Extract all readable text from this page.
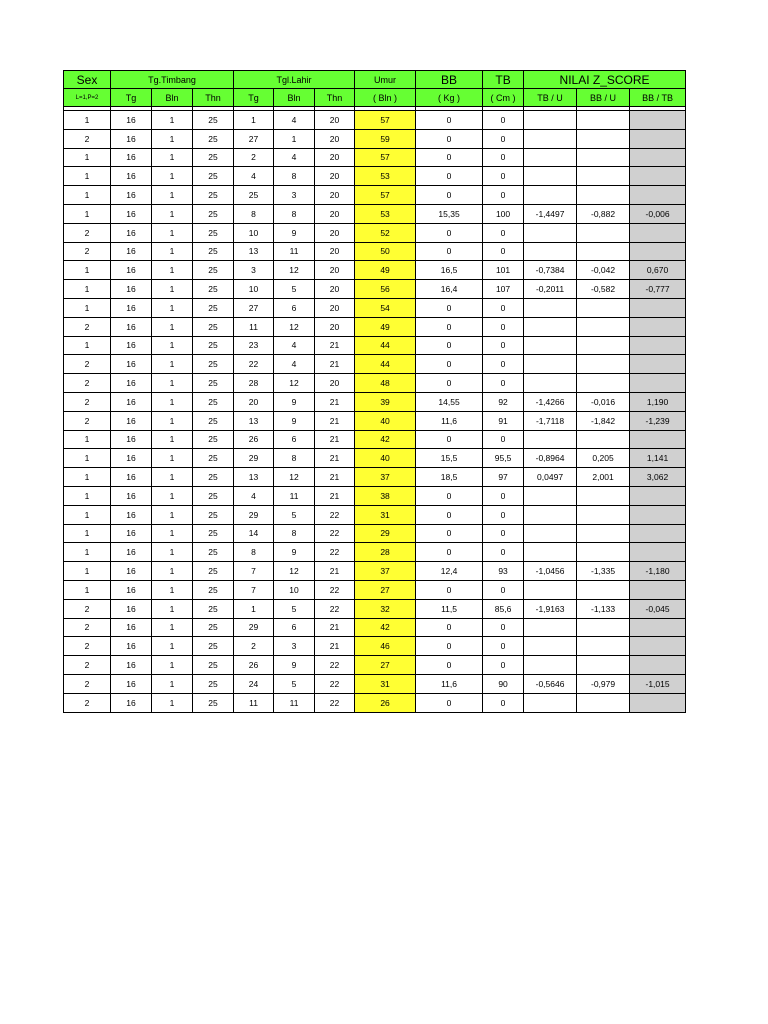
Sex	Tg.Timbang			Tgl.Lahir			Umur	BB	TB	NILAI Z_SCORE		
L=1,P=2	Tg	Bln	Thn	Tg	Bln	Thn	( Bln )	( Kg )	( Cm )	TB / U	BB / U	BB / TB

1	16	1	25	1	4	20	57	0	0			
2	16	1	25	27	1	20	59	0	0			
1	16	1	25	2	4	20	57	0	0			
1	16	1	25	4	8	20	53	0	0			
1	16	1	25	25	3	20	57	0	0			
1	16	1	25	8	8	20	53	15,35	100	-1,4497	-0,882	-0,006
2	16	1	25	10	9	20	52	0	0			
2	16	1	25	13	11	20	50	0	0			
1	16	1	25	3	12	20	49	16,5	101	-0,7384	-0,042	0,670
1	16	1	25	10	5	20	56	16,4	107	-0,2011	-0,582	-0,777
1	16	1	25	27	6	20	54	0	0			
2	16	1	25	11	12	20	49	0	0			
1	16	1	25	23	4	21	44	0	0			
2	16	1	25	22	4	21	44	0	0			
2	16	1	25	28	12	20	48	0	0			
2	16	1	25	20	9	21	39	14,55	92	-1,4266	-0,016	1,190
2	16	1	25	13	9	21	40	11,6	91	-1,7118	-1,842	-1,239
1	16	1	25	26	6	21	42	0	0			
1	16	1	25	29	8	21	40	15,5	95,5	-0,8964	0,205	1,141
1	16	1	25	13	12	21	37	18,5	97	0,0497	2,001	3,062
1	16	1	25	4	11	21	38	0	0			
1	16	1	25	29	5	22	31	0	0			
1	16	1	25	14	8	22	29	0	0			
1	16	1	25	8	9	22	28	0	0			
1	16	1	25	7	12	21	37	12,4	93	-1,0456	-1,335	-1,180
1	16	1	25	7	10	22	27	0	0			
2	16	1	25	1	5	22	32	11,5	85,6	-1,9163	-1,133	-0,045
2	16	1	25	29	6	21	42	0	0			
2	16	1	25	2	3	21	46	0	0			
2	16	1	25	26	9	22	27	0	0			
2	16	1	25	24	5	22	31	11,6	90	-0,5646	-0,979	-1,015
2	16	1	25	11	11	22	26	0	0			
